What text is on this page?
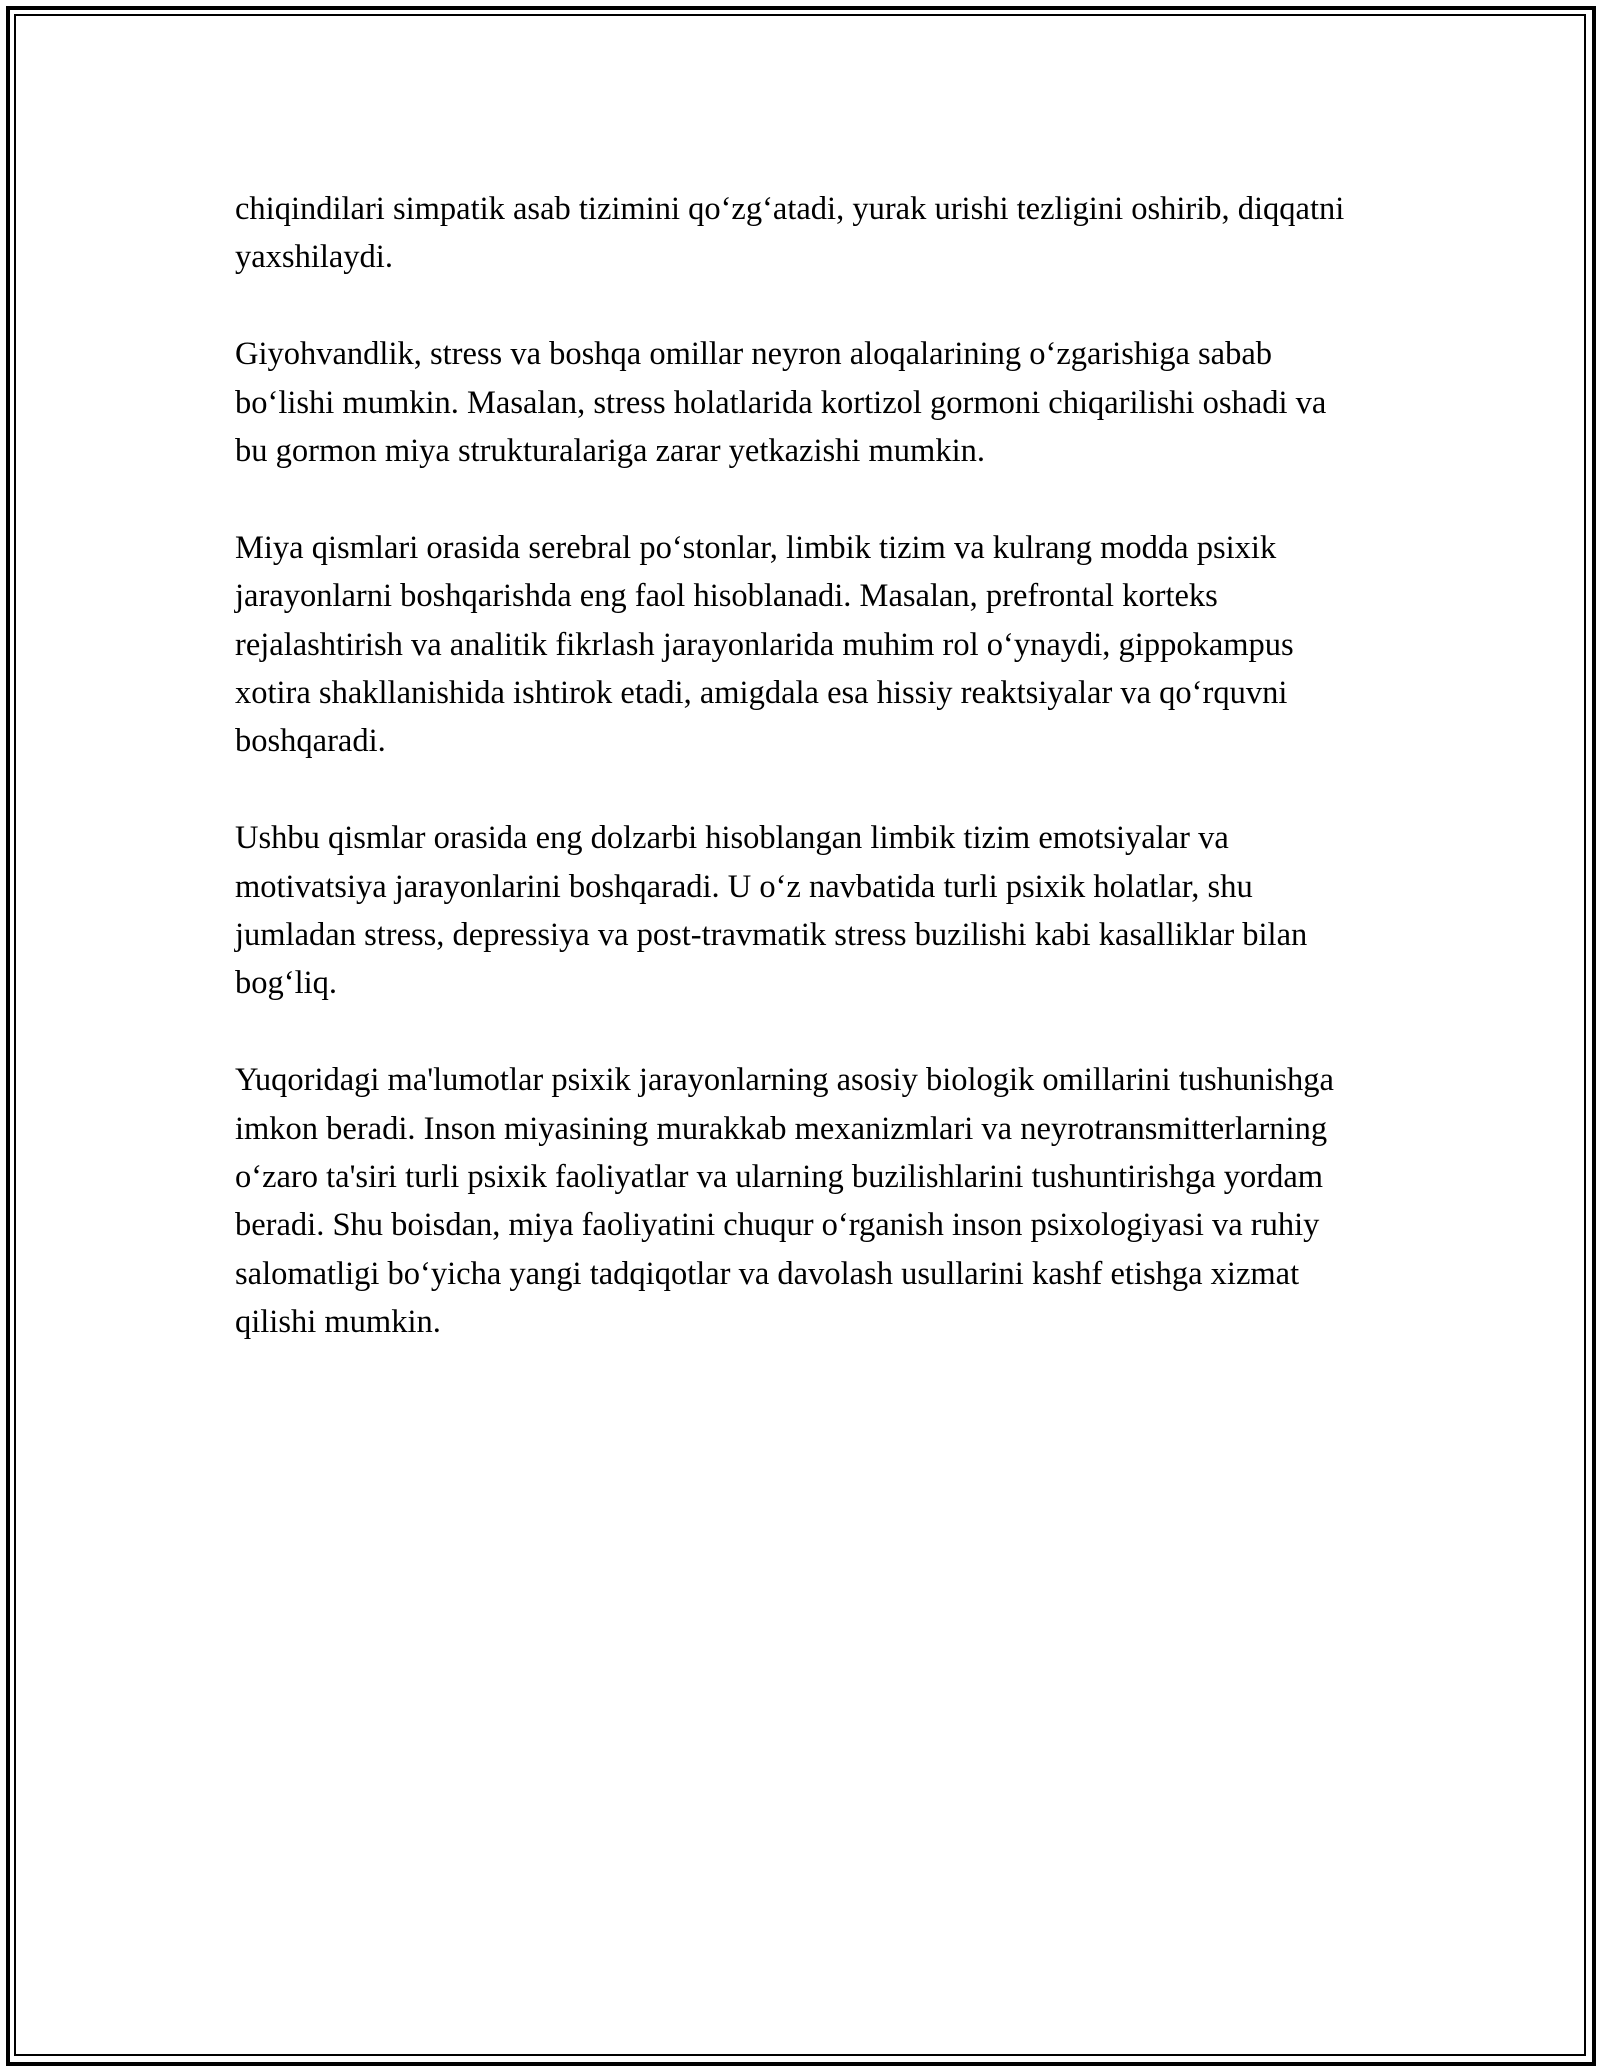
chiqindilari simpatik asab tizimini qo‘zg‘atadi, yurak urishi tezligini oshirib, diqqatni yaxshilaydi.

Giyohvandlik, stress va boshqa omillar neyron aloqalarining o‘zgarishiga sabab bo‘lishi mumkin. Masalan, stress holatlarida kortizol gormoni chiqarilishi oshadi va bu gormon miya strukturalariga zarar yetkazishi mumkin.

Miya qismlari orasida serebral po‘stonlar, limbik tizim va kulrang modda psixik jarayonlarni boshqarishda eng faol hisoblanadi. Masalan, prefrontal korteks rejalashtirish va analitik fikrlash jarayonlarida muhim rol o‘ynaydi, gippokampus xotira shakllanishida ishtirok etadi, amigdala esa hissiy reaktsiyalar va qo‘rquvni boshqaradi.

Ushbu qismlar orasida eng dolzarbi hisoblangan limbik tizim emotsiyalar va motivatsiya jarayonlarini boshqaradi. U o‘z navbatida turli psixik holatlar, shu jumladan stress, depressiya va post-travmatik stress buzilishi kabi kasalliklar bilan bog‘liq.

Yuqoridagi ma'lumotlar psixik jarayonlarning asosiy biologik omillarini tushunishga imkon beradi. Inson miyasining murakkab mexanizmlari va neyrotransmitterlarning o‘zaro ta'siri turli psixik faoliyatlar va ularning buzilishlarini tushuntirishga yordam beradi. Shu boisdan, miya faoliyatini chuqur o‘rganish inson psixologiyasi va ruhiy salomatligi bo‘yicha yangi tadqiqotlar va davolash usullarini kashf etishga xizmat qilishi mumkin.
